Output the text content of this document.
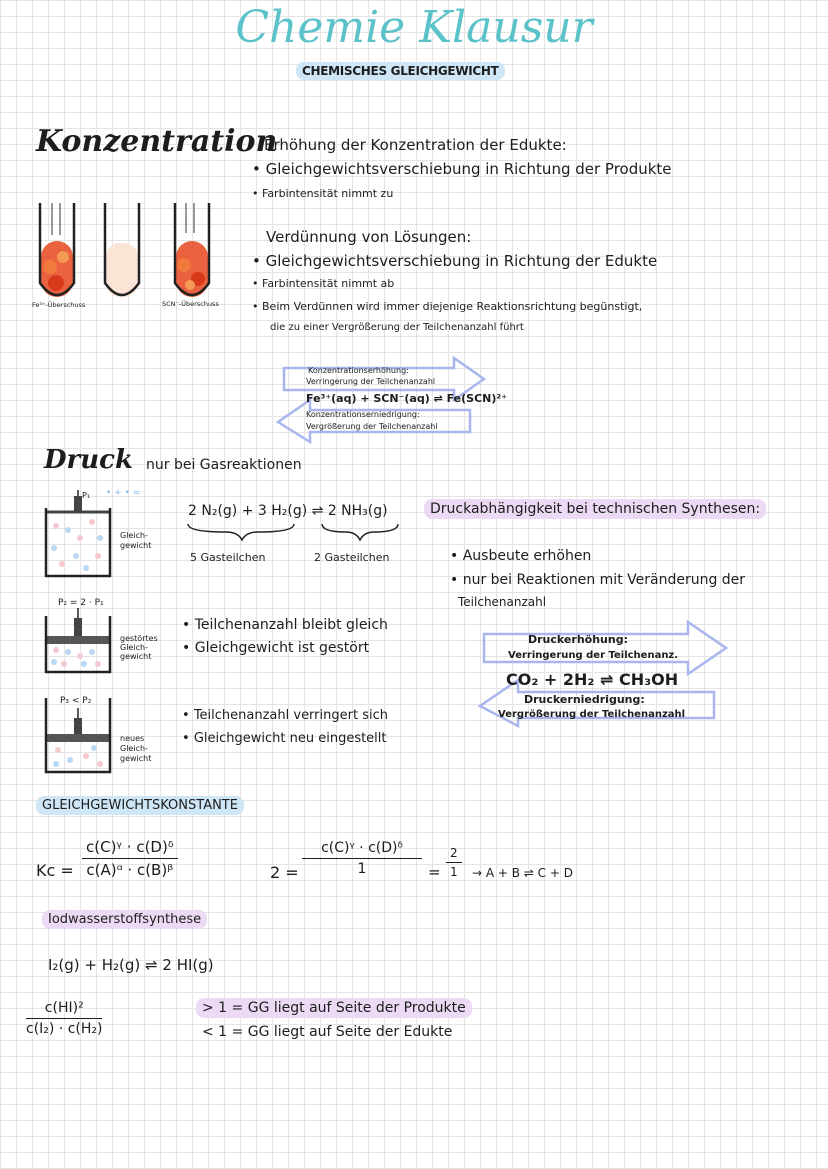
Chemie Klausur
CHEMISCHES GLEICHGEWICHT
Konzentration
Fe³⁺-Überschuss	SCN⁻-Überschuss
Erhöhung der Konzentration der Edukte:
• Gleichgewichtsverschiebung in Richtung der Produkte
• Farbintensität nimmt zu
Verdünnung von Lösungen:
• Gleichgewichtsverschiebung in Richtung der Edukte
• Farbintensität nimmt ab
• Beim Verdünnen wird immer diejenige Reaktionsrichtung begünstigt,
die zu einer Vergrößerung der Teilchenanzahl führt
Konzentrationserhöhung:
Verringerung der Teilchenanzahl
Fe³⁺(aq) + SCN⁻(aq) ⇌ Fe(SCN)²⁺
Konzentrationserniedrigung:
Vergrößerung der Teilchenanzahl
Druck nur bei Gasreaktionen
P₁ • + • =
P₂ = 2 · P₁
P₃ < P₂
Gleich-
gewicht
gestörtes
Gleich-
gewicht
neues
Gleich-
gewicht
2 N₂(g) + 3 H₂(g) ⇌ 2 NH₃(g)
5 Gasteilchen	2 Gasteilchen
• Teilchenanzahl bleibt gleich
• Gleichgewicht ist gestört
• Teilchenanzahl verringert sich
• Gleichgewicht neu eingestellt
Druckabhängigkeit bei technischen Synthesen:
• Ausbeute erhöhen
• nur bei Reaktionen mit Veränderung der
Teilchenanzahl
Druckerhöhung:
Verringerung der Teilchenanz.
CO₂ + 2H₂ ⇌ CH₃OH
Druckerniedrigung:
Vergrößerung der Teilchenanzahl
GLEICHGEWICHTSKONSTANTE
$Kc = \frac{\text{c(C)ᵞ · c(D)ᵟ}}{\text{c(A)ᵅ · c(B)ᵝ}}$	$2 = \frac{\text{c(C)ᵞ · c(D)ᵟ}}{1} = \frac{2}{1} \to A + B$ ⇌ C + D
Iodwasserstoffsynthese
I₂(g) + H₂(g) ⇌ 2 HI(g)
$\frac{\text{c(HI)²}}{\text{c(I₂) · c(H₂)}}$	> 1 = GG liegt auf Seite der Produkte
< 1 = GG liegt auf Seite der Edukte
